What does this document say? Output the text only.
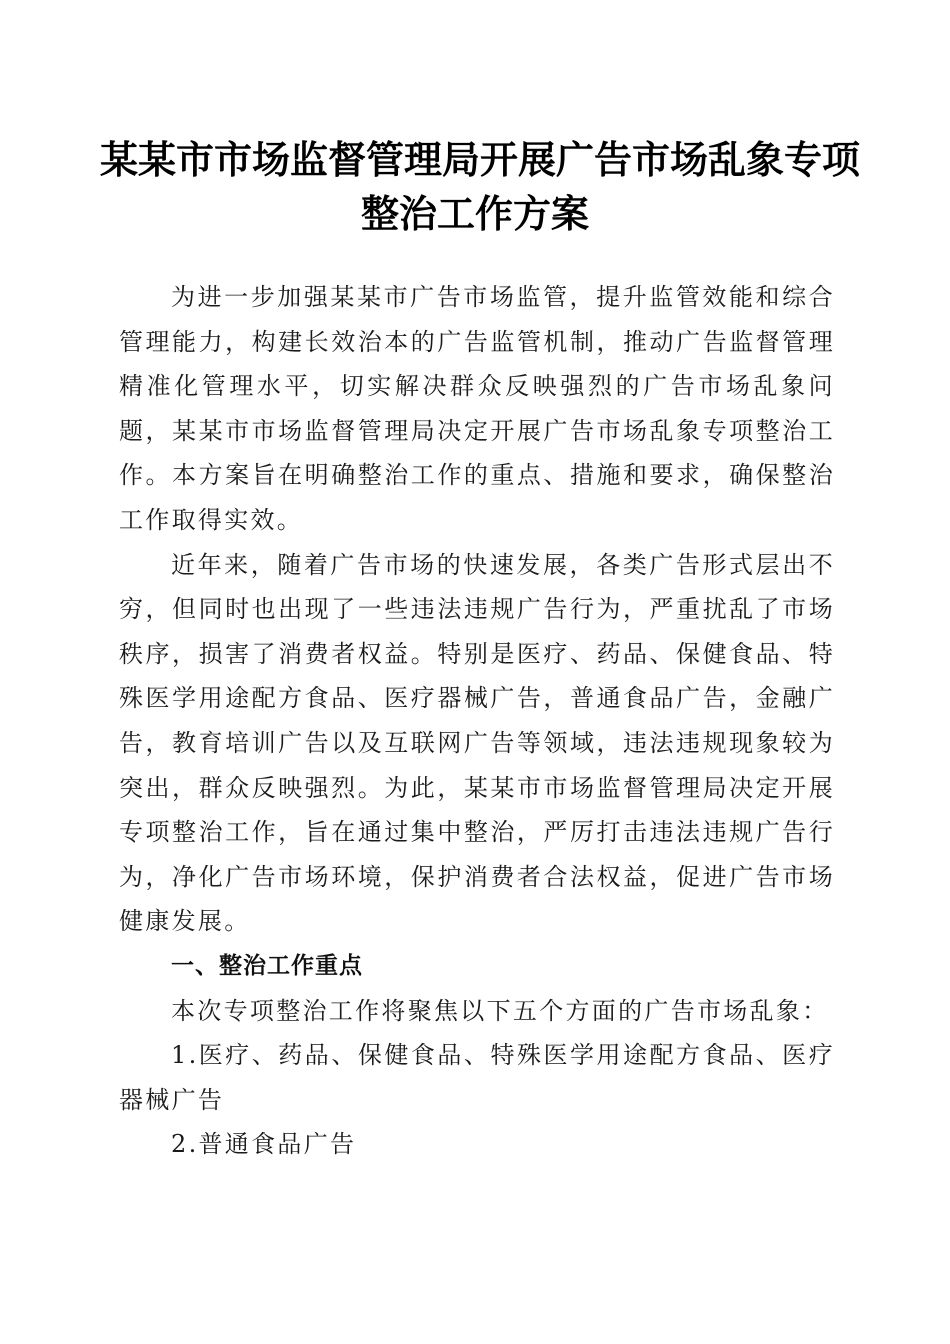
某某市市场监督管理局开展广告市场乱象专项
整治工作方案

为进一步加强某某市广告市场监管，提升监管效能和综合管理能力，构建长效治本的广告监管机制，推动广告监督管理精准化管理水平，切实解决群众反映强烈的广告市场乱象问题，某某市市场监督管理局决定开展广告市场乱象专项整治工作。本方案旨在明确整治工作的重点、措施和要求，确保整治工作取得实效。

近年来，随着广告市场的快速发展，各类广告形式层出不穷，但同时也出现了一些违法违规广告行为，严重扰乱了市场秩序，损害了消费者权益。特别是医疗、药品、保健食品、特殊医学用途配方食品、医疗器械广告，普通食品广告，金融广告，教育培训广告以及互联网广告等领域，违法违规现象较为突出，群众反映强烈。为此，某某市市场监督管理局决定开展专项整治工作，旨在通过集中整治，严厉打击违法违规广告行为，净化广告市场环境，保护消费者合法权益，促进广告市场健康发展。

一、整治工作重点

本次专项整治工作将聚焦以下五个方面的广告市场乱象：

1.医疗、药品、保健食品、特殊医学用途配方食品、医疗器械广告

2.普通食品广告
